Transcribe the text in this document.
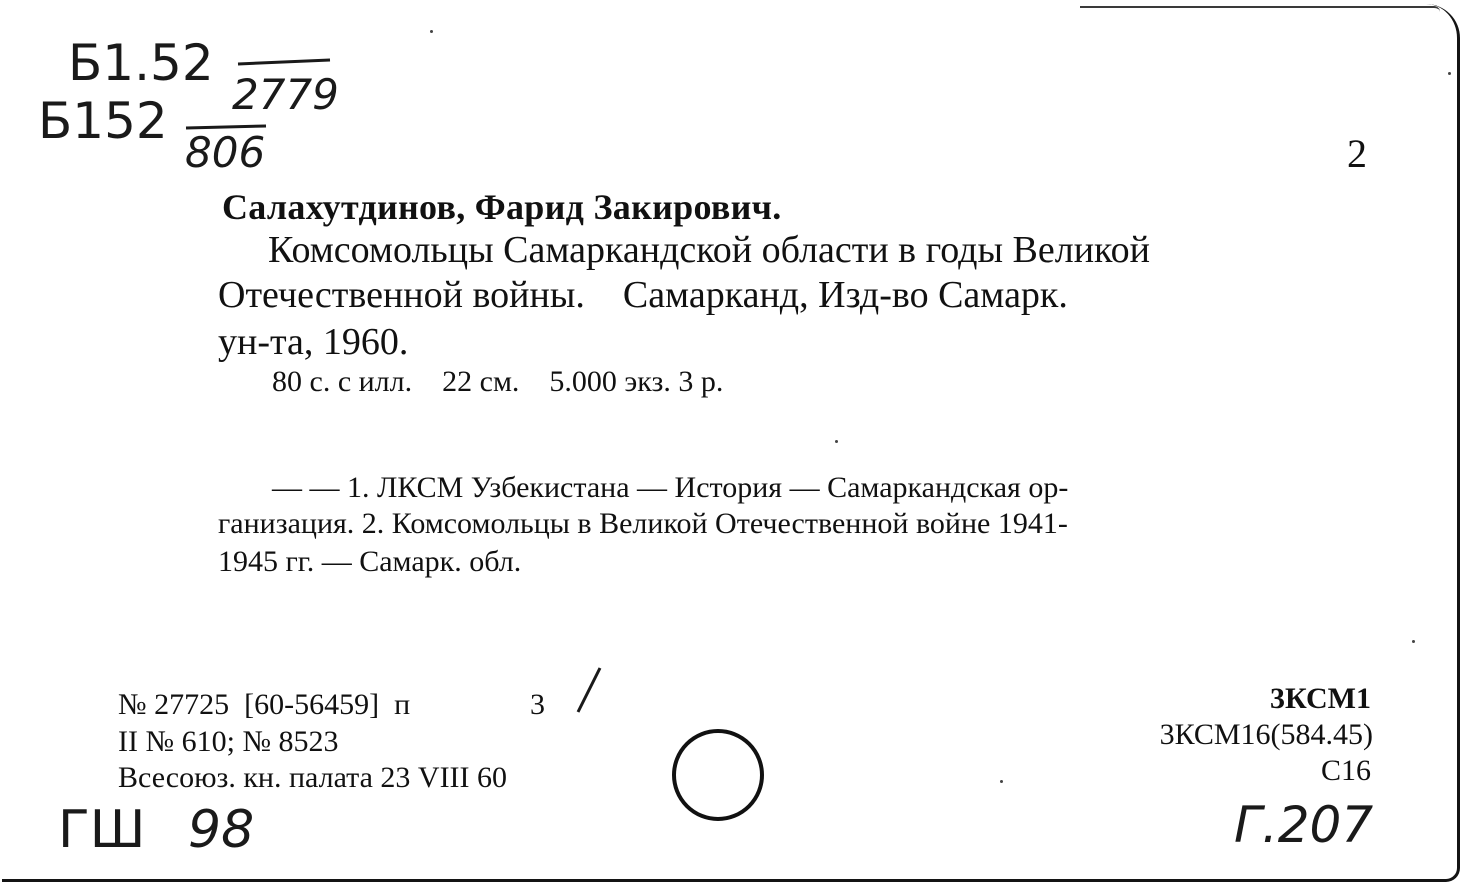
Б1.52
2779
Б152
806	2
Салахутдинов, Фарид Закирович.
Комсомольцы Самаркандской области в годы Великой
Отечественной войны.    Самарканд, Изд-во Самарк.
ун-та, 1960.
80 с. с илл.    22 см.    5.000 экз. 3 р.
— — 1. ЛКСМ Узбекистана — История — Самаркандская ор-
ганизация. 2. Комсомольцы в Великой Отечественной войне 1941-
1945 гг. — Самарк. обл.
№ 27725  [60-56459]  п	3
II № 610; № 8523
Всесоюз. кн. палата 23 VIII 60
3КСМ1
3КСМ16(584.45)
С16
ГШ 98	Г.207
